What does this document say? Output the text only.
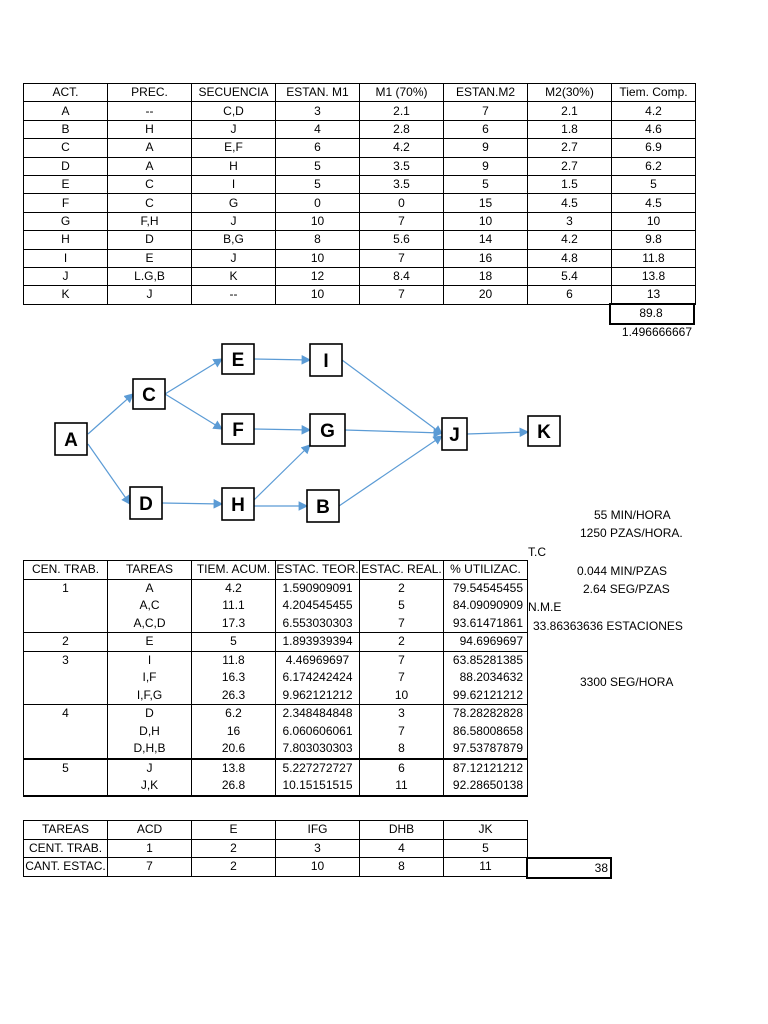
ACT.	PREC.	SECUENCIA	ESTAN. M1	M1 (70%)	ESTAN.M2	M2(30%)	Tiem. Comp.
A	--	C,D	3	2.1	7	2.1	4.2
B	H	J	4	2.8	6	1.8	4.6
C	A	E,F	6	4.2	9	2.7	6.9
D	A	H	5	3.5	9	2.7	6.2
E	C	I	5	3.5	5	1.5	5
F	C	G	0	0	15	4.5	4.5
G	F,H	J	10	7	10	3	10
H	D	B,G	8	5.6	14	4.2	9.8
I	E	J	10	7	16	4.8	11.8
J	L.G,B	K	12	8.4	18	5.4	13.8
K	J	--	10	7	20	6	13
89.8
1.496666667
A
C
D
E
F
H
I
G
B
J	K
55 MIN/HORA
1250 PZAS/HORA.
T.C
0.044 MIN/PZAS
2.64 SEG/PZAS
N.M.E
33.86363636 ESTACIONES
3300 SEG/HORA
CEN. TRAB.	TAREAS	TIEM. ACUM.	ESTAC. TEOR.	ESTAC. REAL.	% UTILIZAC.
1	A	4.2	1.590909091	2	79.54545455
	A,C	11.1	4.204545455	5	84.09090909
	A,C,D	17.3	6.553030303	7	93.61471861
2	E	5	1.893939394	2	94.6969697
3	I	11.8	4.46969697	7	63.85281385
	I,F	16.3	6.174242424	7	88.2034632
	I,F,G	26.3	9.962121212	10	99.62121212
4	D	6.2	2.348484848	3	78.28282828
	D,H	16	6.060606061	7	86.58008658
	D,H,B	20.6	7.803030303	8	97.53787879
5	J	13.8	5.227272727	6	87.12121212
	J,K	26.8	10.15151515	11	92.28650138
TAREAS	ACD	E	IFG	DHB	JK
CENT. TRAB.	1	2	3	4	5
CANT. ESTAC.	7	2	10	8	11	38
